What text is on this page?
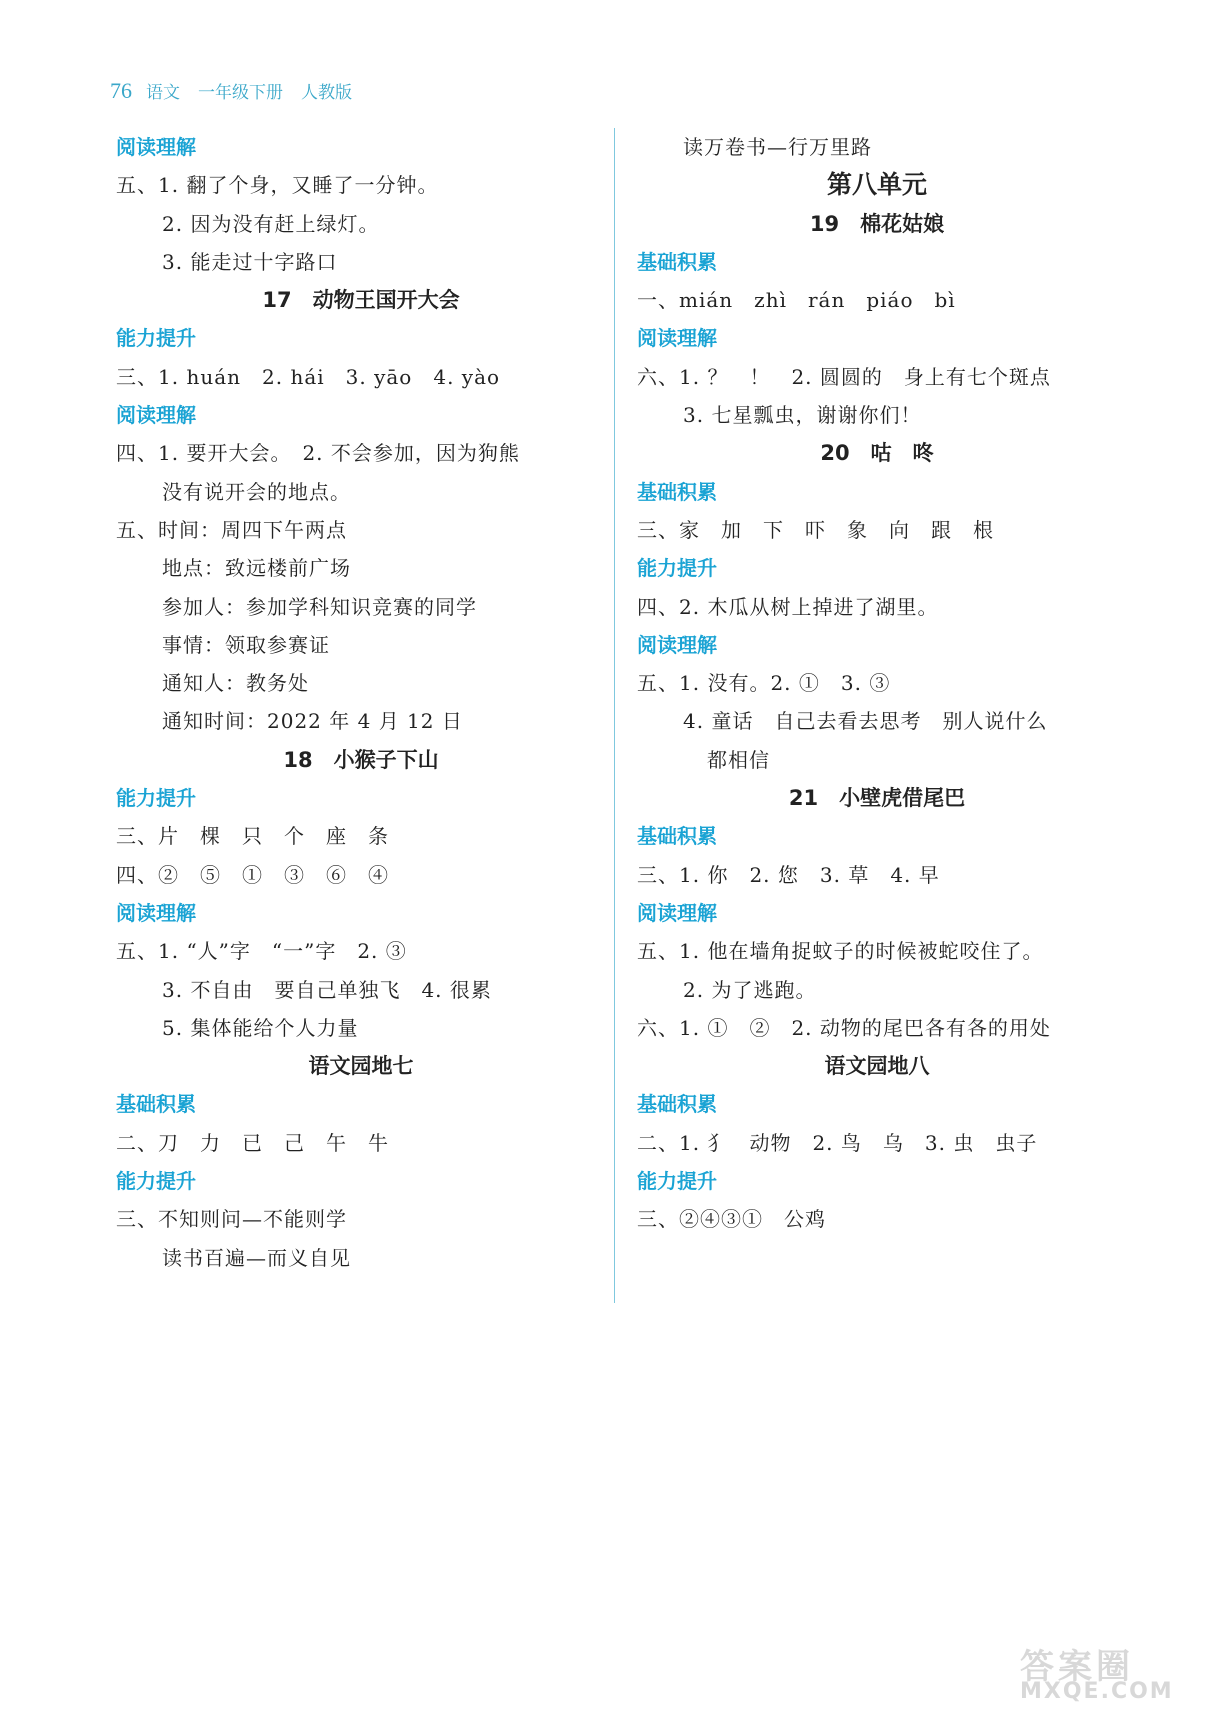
76 语文 一年级下册 人教版
阅读理解
五、1. 翻了个身，又睡了一分钟。
2. 因为没有赶上绿灯。
3. 能走过十字路口
17　动物王国开大会
能力提升
三、1. huán　2. hái　3. yāo　4. yào
阅读理解
四、1. 要开大会。　2. 不会参加，因为狗熊
没有说开会的地点。
五、时间：周四下午两点
地点：致远楼前广场
参加人：参加学科知识竞赛的同学
事情：领取参赛证
通知人：教务处
通知时间：2022 年 4 月 12 日
18　小猴子下山
能力提升
三、片　棵　只　个　座　条
四、②　⑤　①　③　⑥　④
阅读理解
五、1. “人”字　“一”字　2. ③
3. 不自由　要自己单独飞　4. 很累
5. 集体能给个人力量
语文园地七
基础积累
二、刀　力　已　己　午　牛
能力提升
三、不知则问—不能则学
读书百遍—而义自见
读万卷书—行万里路
第八单元
19　棉花姑娘
基础积累
一、mián　zhì　rán　piáo　bì
阅读理解
六、1. ？　！　2. 圆圆的　身上有七个斑点
3. 七星瓢虫，谢谢你们！
20　咕　咚
基础积累
三、家　加　下　吓　象　向　跟　根
能力提升
四、2. 木瓜从树上掉进了湖里。
阅读理解
五、1. 没有。2. ①　3. ③
4. 童话　自己去看去思考　别人说什么
都相信
21　小壁虎借尾巴
基础积累
三、1. 你　2. 您　3. 草　4. 早
阅读理解
五、1. 他在墙角捉蚊子的时候被蛇咬住了。
2. 为了逃跑。
六、1. ①　②　2. 动物的尾巴各有各的用处
语文园地八
基础积累
二、1. 犭　动物　2. 鸟　乌　3. 虫　虫子
能力提升
三、②④③①　公鸡
答案圈
MXQE.COM
